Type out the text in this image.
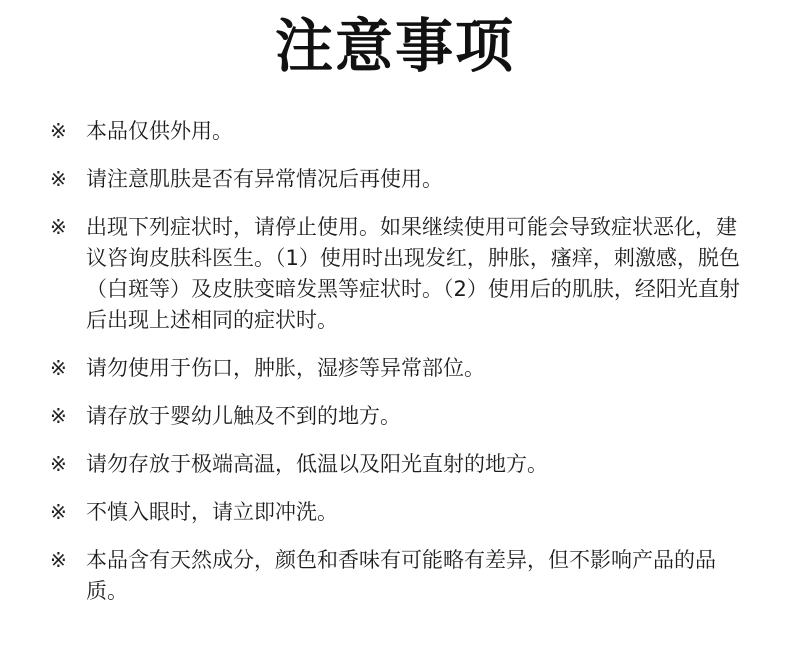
注意事项
※ 本品仅供外用。
※ 请注意肌肤是否有异常情况后再使用。
※ 出现下列症状时，请停止使用。如果继续使用可能会导致症状恶化，建议咨询皮肤科医生。（1）使用时出现发红，肿胀，瘙痒，刺激感，脱色（白斑等）及皮肤变暗发黑等症状时。（2）使用后的肌肤，经阳光直射后出现上述相同的症状时。
※ 请勿使用于伤口，肿胀，湿疹等异常部位。
※ 请存放于婴幼儿触及不到的地方。
※ 请勿存放于极端高温，低温以及阳光直射的地方。
※ 不慎入眼时，请立即冲洗。
※ 本品含有天然成分，颜色和香味有可能略有差异，但不影响产品的品质。
